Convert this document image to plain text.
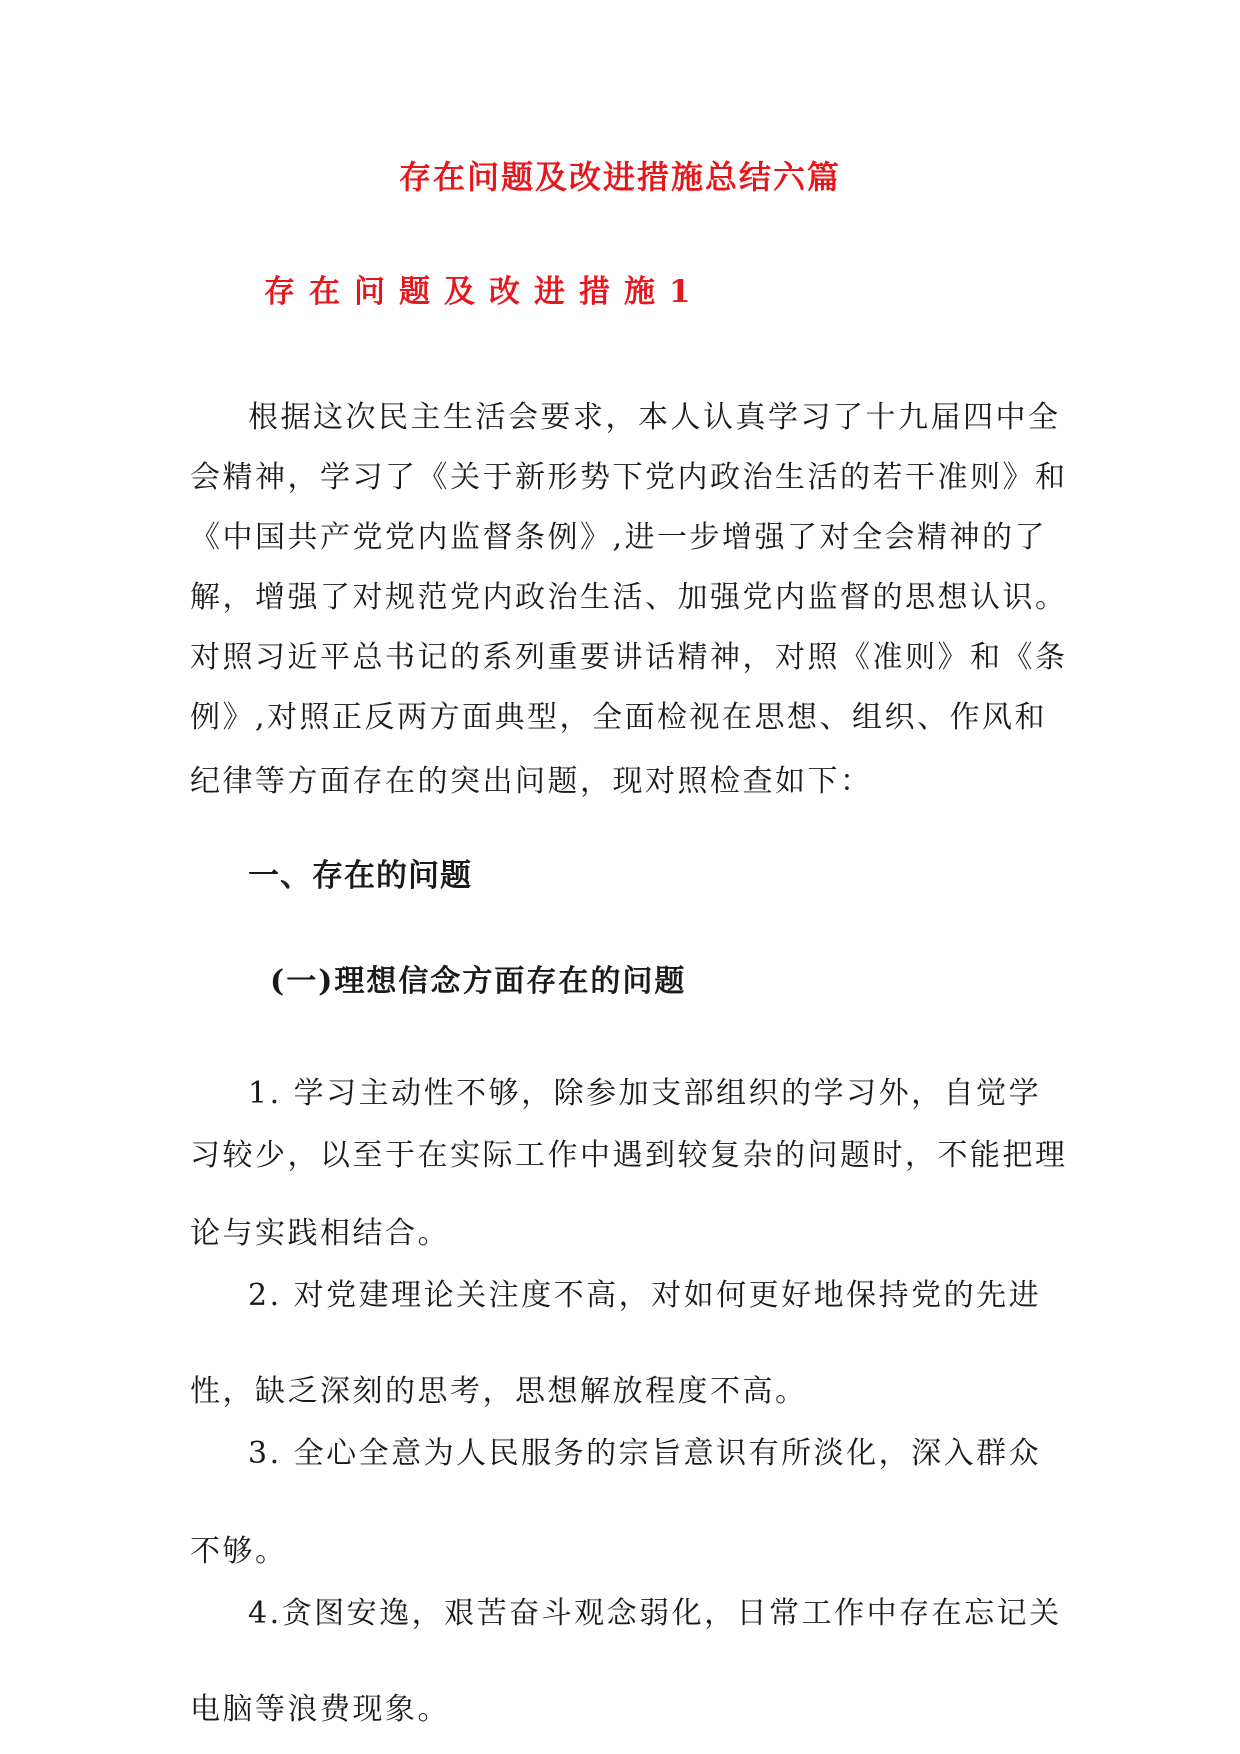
存在问题及改进措施总结六篇
存在问题及改进措施1
根据这次民主生活会要求，本人认真学习了十九届四中全
会精神，学习了《关于新形势下党内政治生活的若干准则》和
《中国共产党党内监督条例》,进一步增强了对全会精神的了
解，增强了对规范党内政治生活、加强党内监督的思想认识。
对照习近平总书记的系列重要讲话精神，对照《准则》和《条
例》,对照正反两方面典型，全面检视在思想、组织、作风和
纪律等方面存在的突出问题，现对照检查如下：
一、存在的问题
(一)理想信念方面存在的问题
1. 学习主动性不够，除参加支部组织的学习外，自觉学
习较少，以至于在实际工作中遇到较复杂的问题时，不能把理
论与实践相结合。
2. 对党建理论关注度不高，对如何更好地保持党的先进
性，缺乏深刻的思考，思想解放程度不高。
3. 全心全意为人民服务的宗旨意识有所淡化，深入群众
不够。
4.贪图安逸，艰苦奋斗观念弱化，日常工作中存在忘记关
电脑等浪费现象。
